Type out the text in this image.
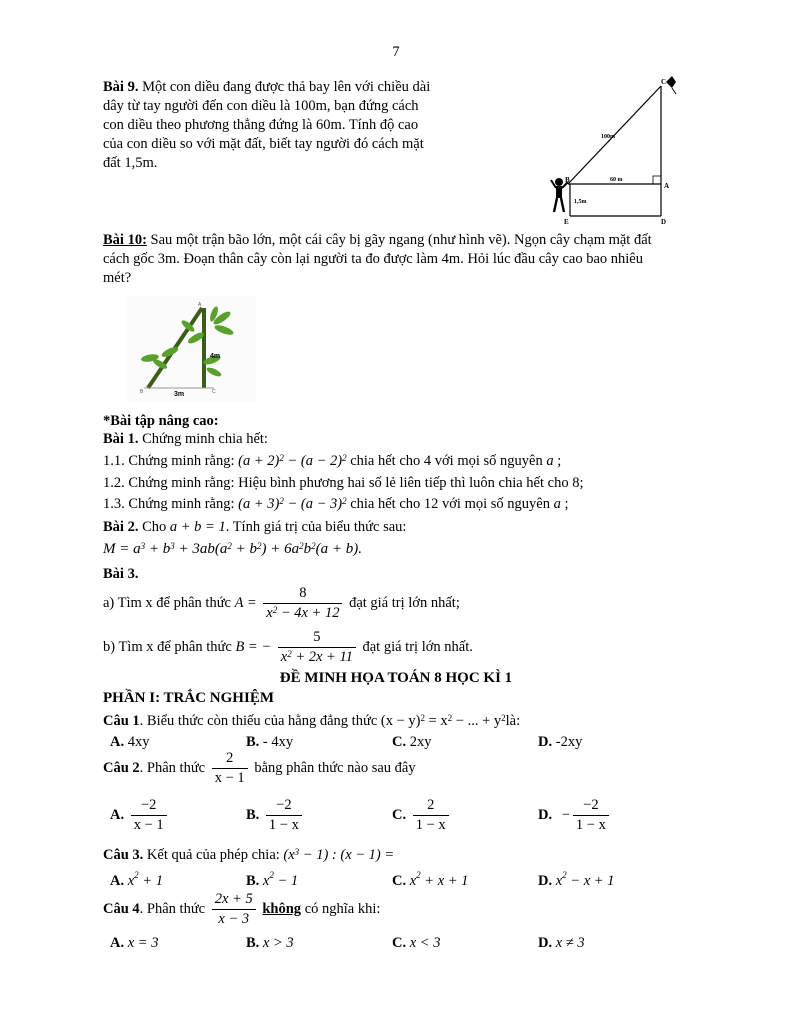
7
Bài 9. Một con diều đang được thả bay lên với chiều dài
dây từ tay người đến con diều là 100m, bạn đứng cách
con diều theo phương thẳng đứng là 60m. Tính độ cao
của con diều so với mặt đất, biết tay người đó cách mặt
đất 1,5m.
C
B
A
E	D
100m
60 m
1,5m
Bài 10: Sau một trận bão lớn, một cái cây bị gãy ngang (như hình vẽ). Ngọn cây chạm mặt đất
cách gốc 3m. Đoạn thân cây còn lại người ta đo được làm 4m. Hỏi lúc đầu cây cao bao nhiêu
mét?
4m
3m
A
B	C
*Bài tập nâng cao:
Bài 1. Chứng minh chia hết:
1.1. Chứng minh rằng: $(a + 2)^2 - (a - 2)^2$ chia hết cho 4 với mọi số nguyên a ;
1.2. Chứng minh rằng: Hiệu bình phương hai số lẻ liên tiếp thì luôn chia hết cho 8;
1.3. Chứng minh rằng: $(a + 3)^2 - (a - 3)^2$ chia hết cho 12 với mọi số nguyên a ;
Bài 2. Cho a + b = 1. Tính giá trị của biểu thức sau:
$M = a^3 + b^3 + 3ab(a^2 + b^2) + 6a^2b^2(a + b)$.
Bài 3.
a) Tìm x để phân thức $A = \frac{8}{x^2 - 4x + 12}$ đạt giá trị lớn nhất;
b) Tìm x để phân thức B = − $\frac{5}{x^2 + 2x + 11}$ đạt giá trị lớn nhất.
ĐỀ MINH HỌA TOÁN 8 HỌC KÌ 1
PHẦN I: TRẮC NGHIỆM
Câu 1. Biểu thức còn thiếu của hằng đẳng thức $(x - y)^2 = x^2$ − ... + $y^2là$:
A. 4xy	B. - 4xy	C. 2xy	D. -2xy
Câu 2. Phân thức $\frac{2}{x - 1}$ bằng phân thức nào sau đây
A. $\frac{-2}{x - 1}$	B. $\frac{-2}{1 - x}$	C. $\frac{2}{1 - x}$	D. − $\frac{-2}{1 - x}$
Câu 3. Kết quả của phép chia: $(x^3 - 1)$ : (x − 1) =
A. $x^2 + 1$	B. $x^2 - 1$	C. $x^2 + x + 1$	D. $x^2 - x + 1$
Câu 4. Phân thức $\frac{2x + 5}{x - 3}$ không có nghĩa khi:
A. x = 3	B. x > 3	C. x < 3	D. x ≠ 3
